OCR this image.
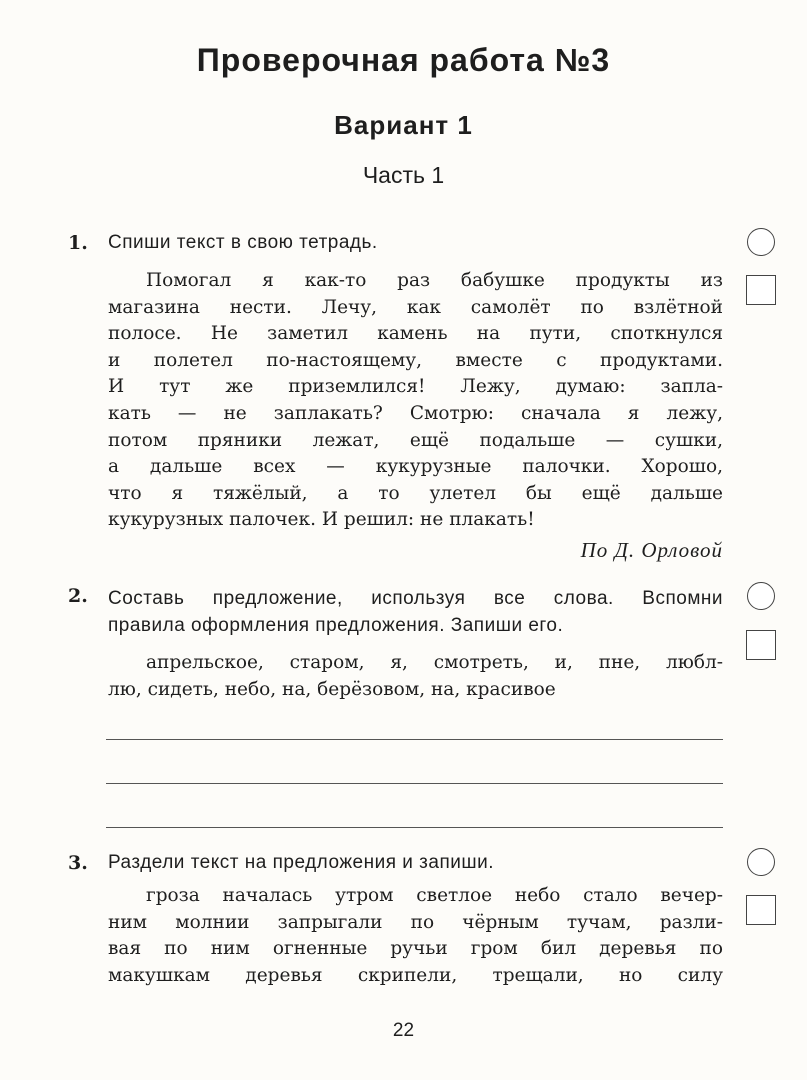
Проверочная работа №3
Вариант 1
Часть 1
1. Спиши текст в свою тетрадь.
Помогал я как-то раз бабушке продукты из
магазина нести. Лечу, как самолёт по взлётной
полосе. Не заметил камень на пути, споткнулся
и полетел по-настоящему, вместе с продуктами.
И тут же приземлился! Лежу, думаю: запла-
кать — не заплакать? Смотрю: сначала я лежу,
потом пряники лежат, ещё подальше — сушки,
а дальше всех — кукурузные палочки. Хорошо,
что я тяжёлый, а то улетел бы ещё дальше
кукурузных палочек. И решил: не плакать!
По Д. Орловой
2. Составь предложение, используя все слова. Вспомни
правила оформления предложения. Запиши его.
апрельское, старом, я, смотреть, и, пне, любл-
лю, сидеть, небо, на, берёзовом, на, красивое
3. Раздели текст на предложения и запиши.
гроза началась утром светлое небо стало вечер-
ним молнии запрыгали по чёрным тучам, разли-
вая по ним огненные ручьи гром бил деревья по
макушкам деревья скрипели, трещали, но силу
22
